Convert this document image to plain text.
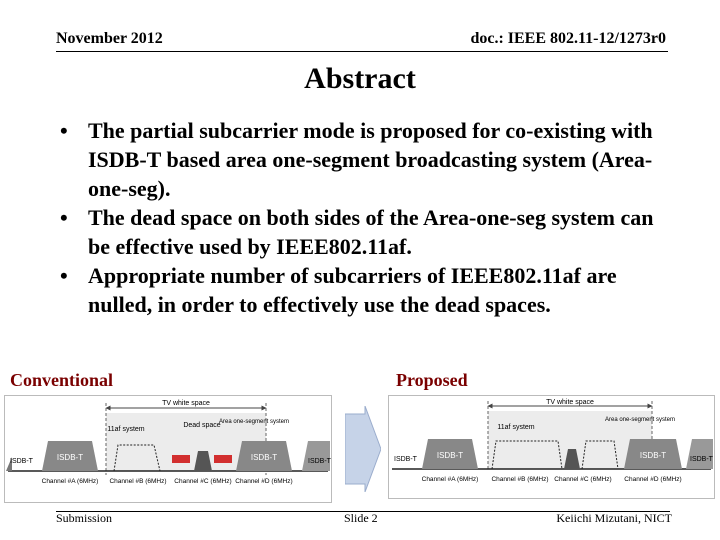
November 2012	doc.: IEEE 802.11-12/1273r0
Abstract
• The partial subcarrier mode is proposed for co-existing with ISDB-T based area one-segment broadcasting system (Area-one-seg).
• The dead space on both sides of the Area-one-seg system can be effective used by IEEE802.11af.
• Appropriate number of subcarriers of IEEE802.11af are nulled, in order to effectively use the dead spaces.
Conventional	Proposed
TV white space
11af system
Dead space
Area one-segment system
ISDB-T	ISDB-T
ISDB-T	ISDB-T
Channel #A (6MHz) Channel #B (6MHz) Channel #C (6MHz) Channel #D (6MHz)
TV white space
11af system
Area one-segment system
ISDB-T	ISDB-T
ISDB-T	ISDB-T
Channel #A (6MHz) Channel #B (6MHz) Channel #C (6MHz) Channel #D (6MHz)
Submission	Slide 2	Keiichi Mizutani, NICT
